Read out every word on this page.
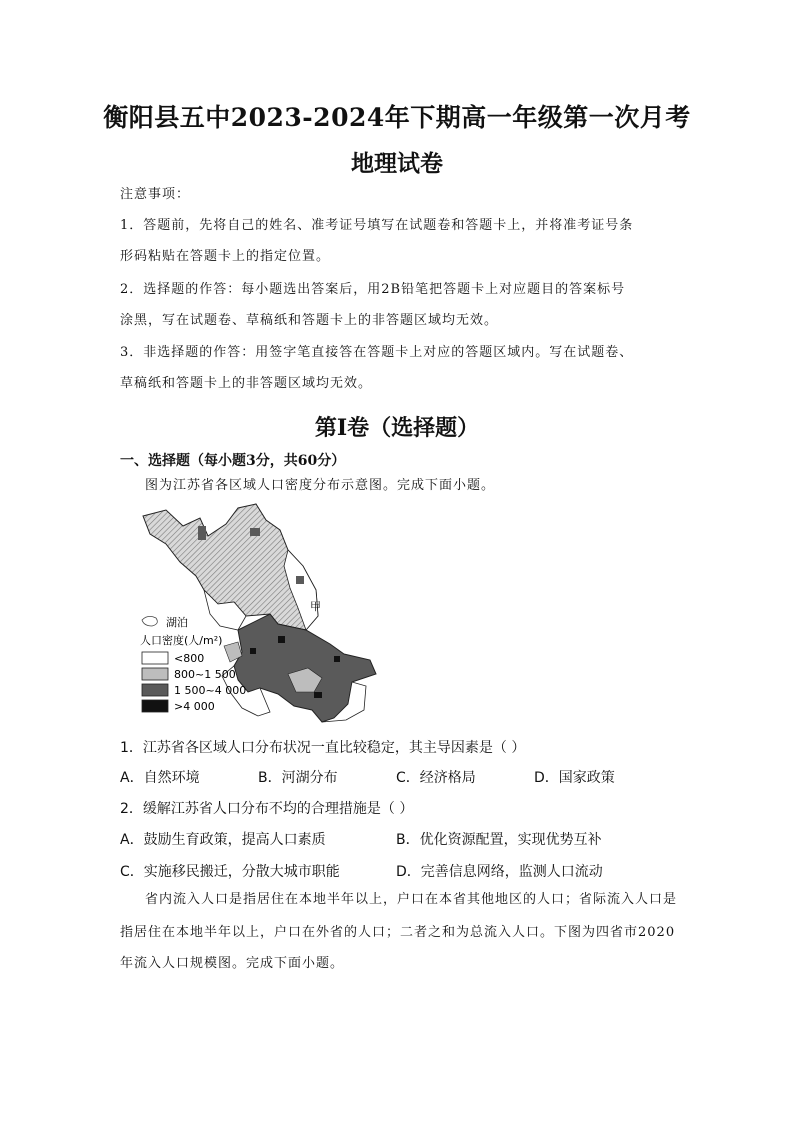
衡阳县五中2023-2024年下期高一年级第一次月考
地理试卷
注意事项：
1．答题前，先将自己的姓名、准考证号填写在试题卷和答题卡上，并将准考证号条
形码粘贴在答题卡上的指定位置。
2．选择题的作答：每小题选出答案后，用2B铅笔把答题卡上对应题目的答案标号
涂黑，写在试题卷、草稿纸和答题卡上的非答题区域均无效。
3．非选择题的作答：用签字笔直接答在答题卡上对应的答题区域内。写在试题卷、
草稿纸和答题卡上的非答题区域均无效。
第Ⅰ卷（选择题）
一、选择题（每小题3分，共60分）
图为江苏省各区域人口密度分布示意图。完成下面小题。
甲
湖泊
人口密度(人/m²)
<800
800~1 500
1 500~4 000
>4 000
1．江苏省各区域人口分布状况一直比较稳定，其主导因素是（ ）
A．自然环境	B．河湖分布	C．经济格局	D．国家政策
2．缓解江苏省人口分布不均的合理措施是（ ）
A．鼓励生育政策，提高人口素质	B．优化资源配置，实现优势互补
C．实施移民搬迁，分散大城市职能	D．完善信息网络，监测人口流动
省内流入人口是指居住在本地半年以上，户口在本省其他地区的人口；省际流入人口是
指居住在本地半年以上，户口在外省的人口；二者之和为总流入人口。下图为四省市2020
年流入人口规模图。完成下面小题。
